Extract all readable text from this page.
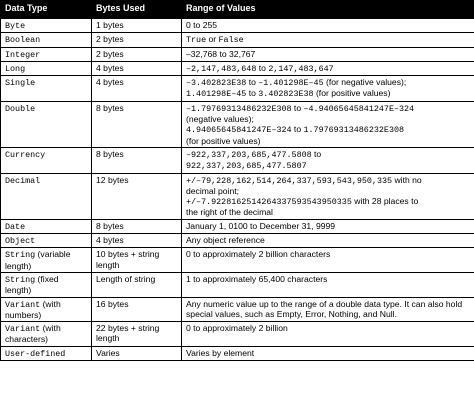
Data Type	Bytes Used	Range of Values
Byte	1 bytes	0 to 255

Boolean	2 bytes	True or False

Integer	2 bytes	–32,768 to 32,767

Long	4 bytes	–2,147,483,648 to 2,147,483,647

Single	4 bytes	–3.402823E38 to –1.401298E–45 (for negative values);
1.401298E–45 to 3.402823E38 (for positive values)

Double	8 bytes	–1.79769313486232E308 to –4.94065645841247E–324
(negative values);
4.94065645841247E–324 to 1.79769313486232E308
(for positive values)

Currency	8 bytes	–922,337,203,685,477.5808 to
922,337,203,685,477.5807

Decimal	12 bytes	+/–79,228,162,514,264,337,593,543,950,335 with no
decimal point;
+/–7.9228162514264337593543950335 with 28 places to
the right of the decimal

Date	8 bytes	January 1, 0100 to December 31, 9999

Object	4 bytes	Any object reference

String (variable
length)	10 bytes + string length	0 to approximately 2 billion characters

String (fixed
length)	Length of string	1 to approximately 65,400 characters

Variant (with
numbers)	16 bytes	Any numeric value up to the range of a double data type. It can also hold special values, such as Empty, Error, Nothing, and Null.

Variant (with
characters)	22 bytes + string length	0 to approximately 2 billion

User-defined	Varies	Varies by element
